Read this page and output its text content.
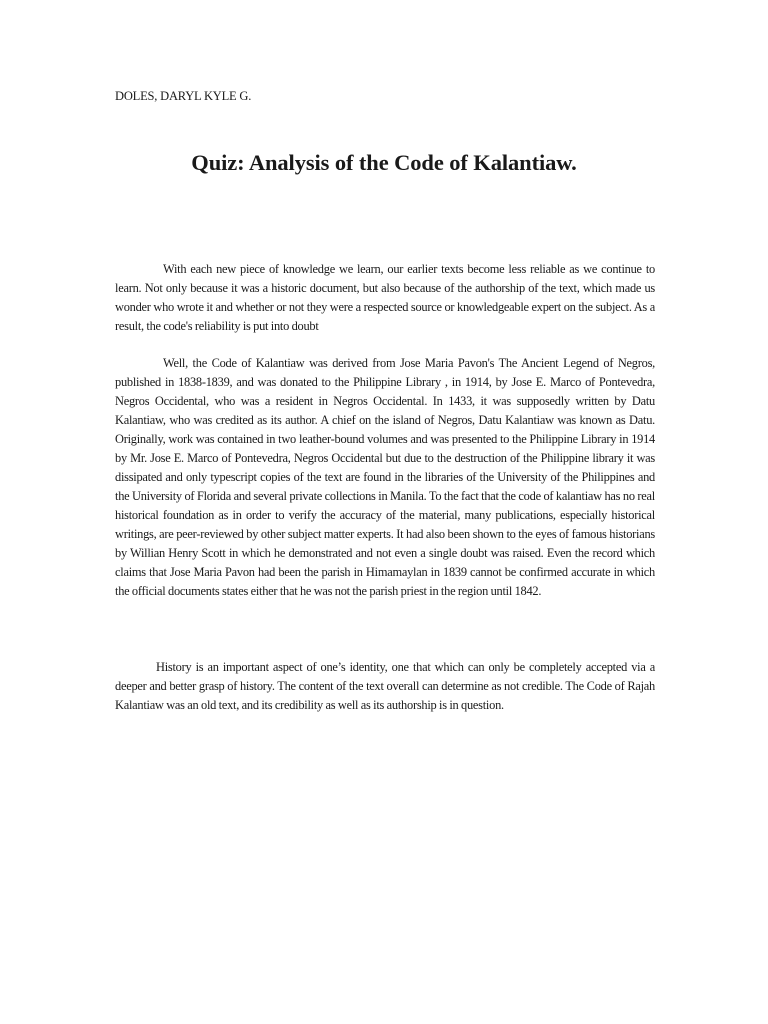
DOLES, DARYL KYLE G.

Quiz: Analysis of the Code of Kalantiaw.

With each new piece of knowledge we learn, our earlier texts become less reliable as we continue to learn. Not only because it was a historic document, but also because of the authorship of the text, which made us wonder who wrote it and whether or not they were a respected source or knowledgeable expert on the subject. As a result, the code's reliability is put into doubt

Well, the Code of Kalantiaw was derived from Jose Maria Pavon's The Ancient Legend of Negros, published in 1838-1839, and was donated to the Philippine Library , in 1914, by Jose E. Marco of Pontevedra, Negros Occidental, who was a resident in Negros Occidental. In 1433, it was supposedly written by Datu Kalantiaw, who was credited as its author. A chief on the island of Negros, Datu Kalantiaw was known as Datu. Originally, work was contained in two leather-bound volumes and was presented to the Philippine Library in 1914 by Mr. Jose E. Marco of Pontevedra, Negros Occidental but due to the destruction of the Philippine library it was dissipated and only typescript copies of the text are found in the libraries of the University of the Philippines and the University of Florida and several private collections in Manila. To the fact that the code of kalantiaw has no real historical foundation as in order to verify the accuracy of the material, many publications, especially historical writings, are peer-reviewed by other subject matter experts. It had also been shown to the eyes of famous historians by Willian Henry Scott in which he demonstrated and not even a single doubt was raised. Even the record which claims that Jose Maria Pavon had been the parish in Himamaylan in 1839 cannot be confirmed accurate in which the official documents states either that he was not the parish priest in the region until 1842.

History is an important aspect of one’s identity, one that which can only be completely accepted via a deeper and better grasp of history. The content of the text overall can determine as not credible. The Code of Rajah Kalantiaw was an old text, and its credibility as well as its authorship is in question.
